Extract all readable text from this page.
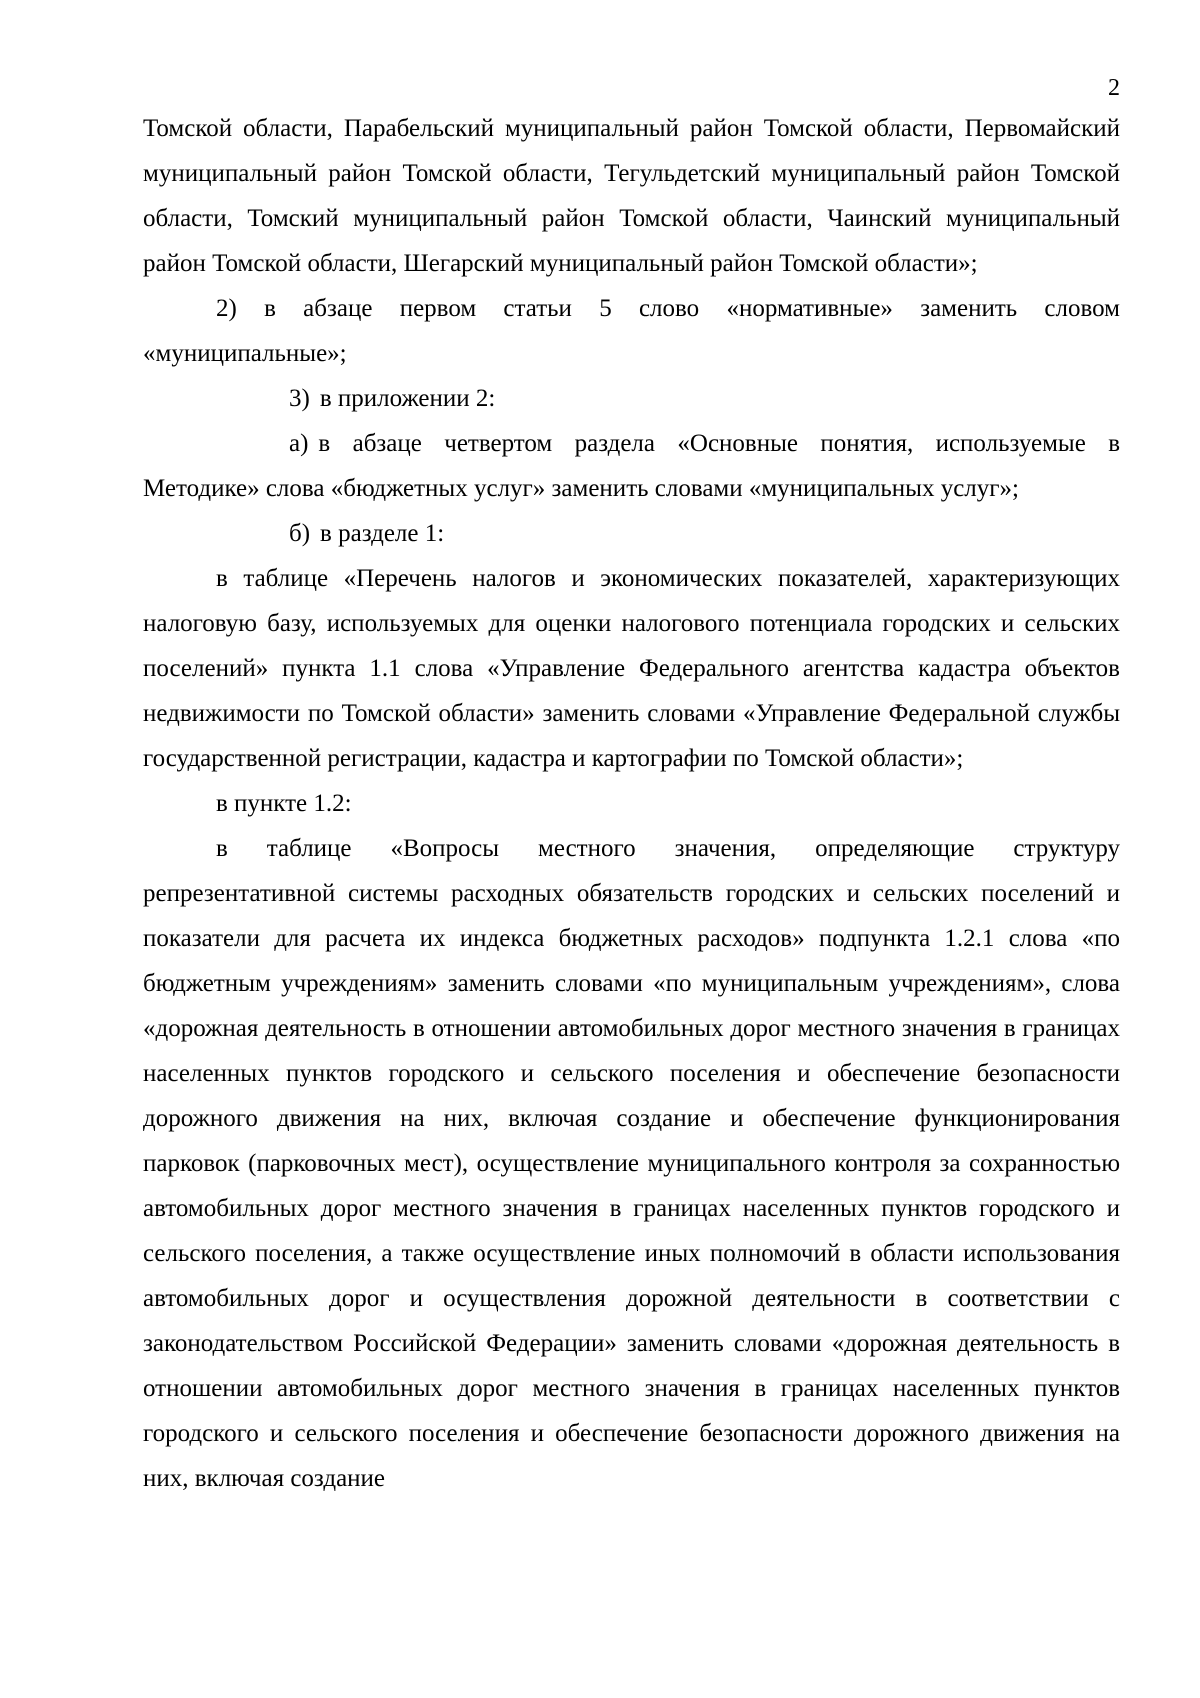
2

Томской области, Парабельский муниципальный район Томской области, Первомайский муниципальный район Томской области, Тегульдетский муниципальный район Томской области, Томский муниципальный район Томской области, Чаинский муниципальный район Томской области, Шегарский муниципальный район Томской области»;

2) в абзаце первом статьи 5 слово «нормативные» заменить словом «муниципальные»;

3) в приложении 2:

а) в абзаце четвертом раздела «Основные понятия, используемые в Методике» слова «бюджетных услуг» заменить словами «муниципальных услуг»;

б) в разделе 1:

в таблице «Перечень налогов и экономических показателей, характеризующих налоговую базу, используемых для оценки налогового потенциала городских и сельских поселений» пункта 1.1 слова «Управление Федерального агентства кадастра объектов недвижимости по Томской области» заменить словами «Управление Федеральной службы государственной регистрации, кадастра и картографии по Томской области»;

в пункте 1.2:

в таблице «Вопросы местного значения, определяющие структуру репрезентативной системы расходных обязательств городских и сельских поселений и показатели для расчета их индекса бюджетных расходов» подпункта 1.2.1 слова «по бюджетным учреждениям» заменить словами «по муниципальным учреждениям», слова «дорожная деятельность в отношении автомобильных дорог местного значения в границах населенных пунктов городского и сельского поселения и обеспечение безопасности дорожного движения на них, включая создание и обеспечение функционирования парковок (парковочных мест), осуществление муниципального контроля за сохранностью автомобильных дорог местного значения в границах населенных пунктов городского и сельского поселения, а также осуществление иных полномочий в области использования автомобильных дорог и осуществления дорожной деятельности в соответствии с законодательством Российской Федерации» заменить словами «дорожная деятельность в отношении автомобильных дорог местного значения в границах населенных пунктов городского и сельского поселения и обеспечение безопасности дорожного движения на них, включая создание
